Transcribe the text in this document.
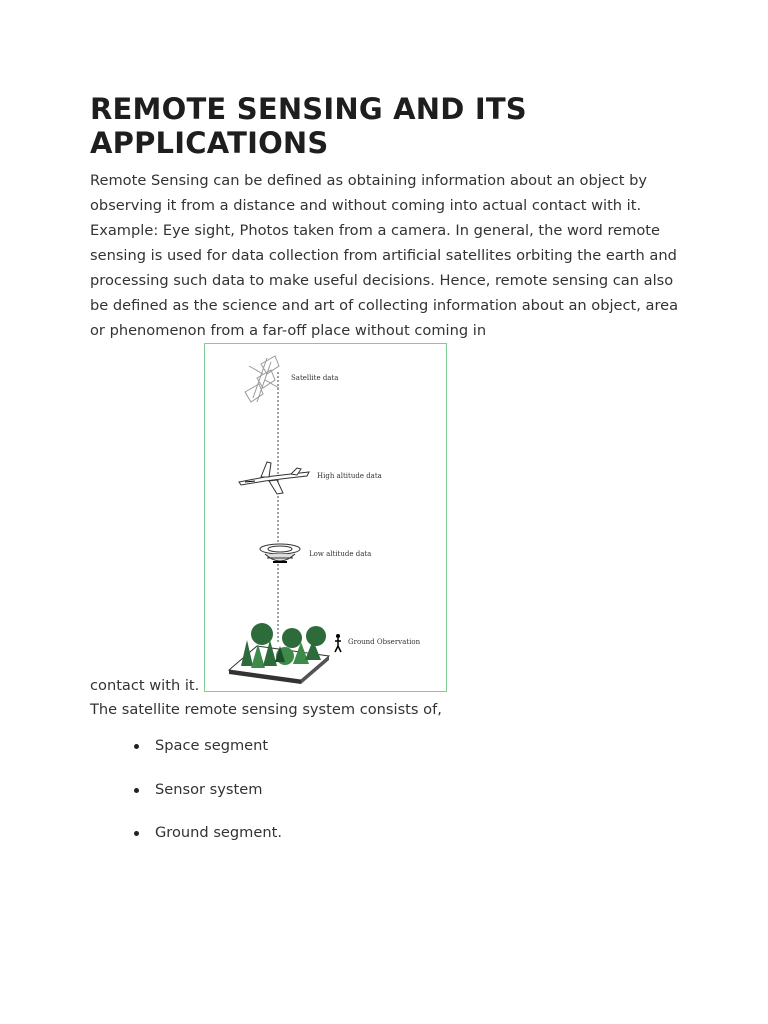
REMOTE SENSING AND ITS APPLICATIONS

Remote Sensing can be defined as obtaining information about an object by observing it from a distance and without coming into actual contact with it. Example: Eye sight, Photos taken from a camera. In general, the word remote sensing is used for data collection from artificial satellites orbiting the earth and processing such data to make useful decisions. Hence, remote sensing can also be defined as the science and art of collecting information about an object, area or phenomenon from a far-off place without coming in

Satellite data
High altitude data
Low altitude data
Ground Observation
contact with it.

The satellite remote sensing system consists of,

Space segment
Sensor system
Ground segment.
